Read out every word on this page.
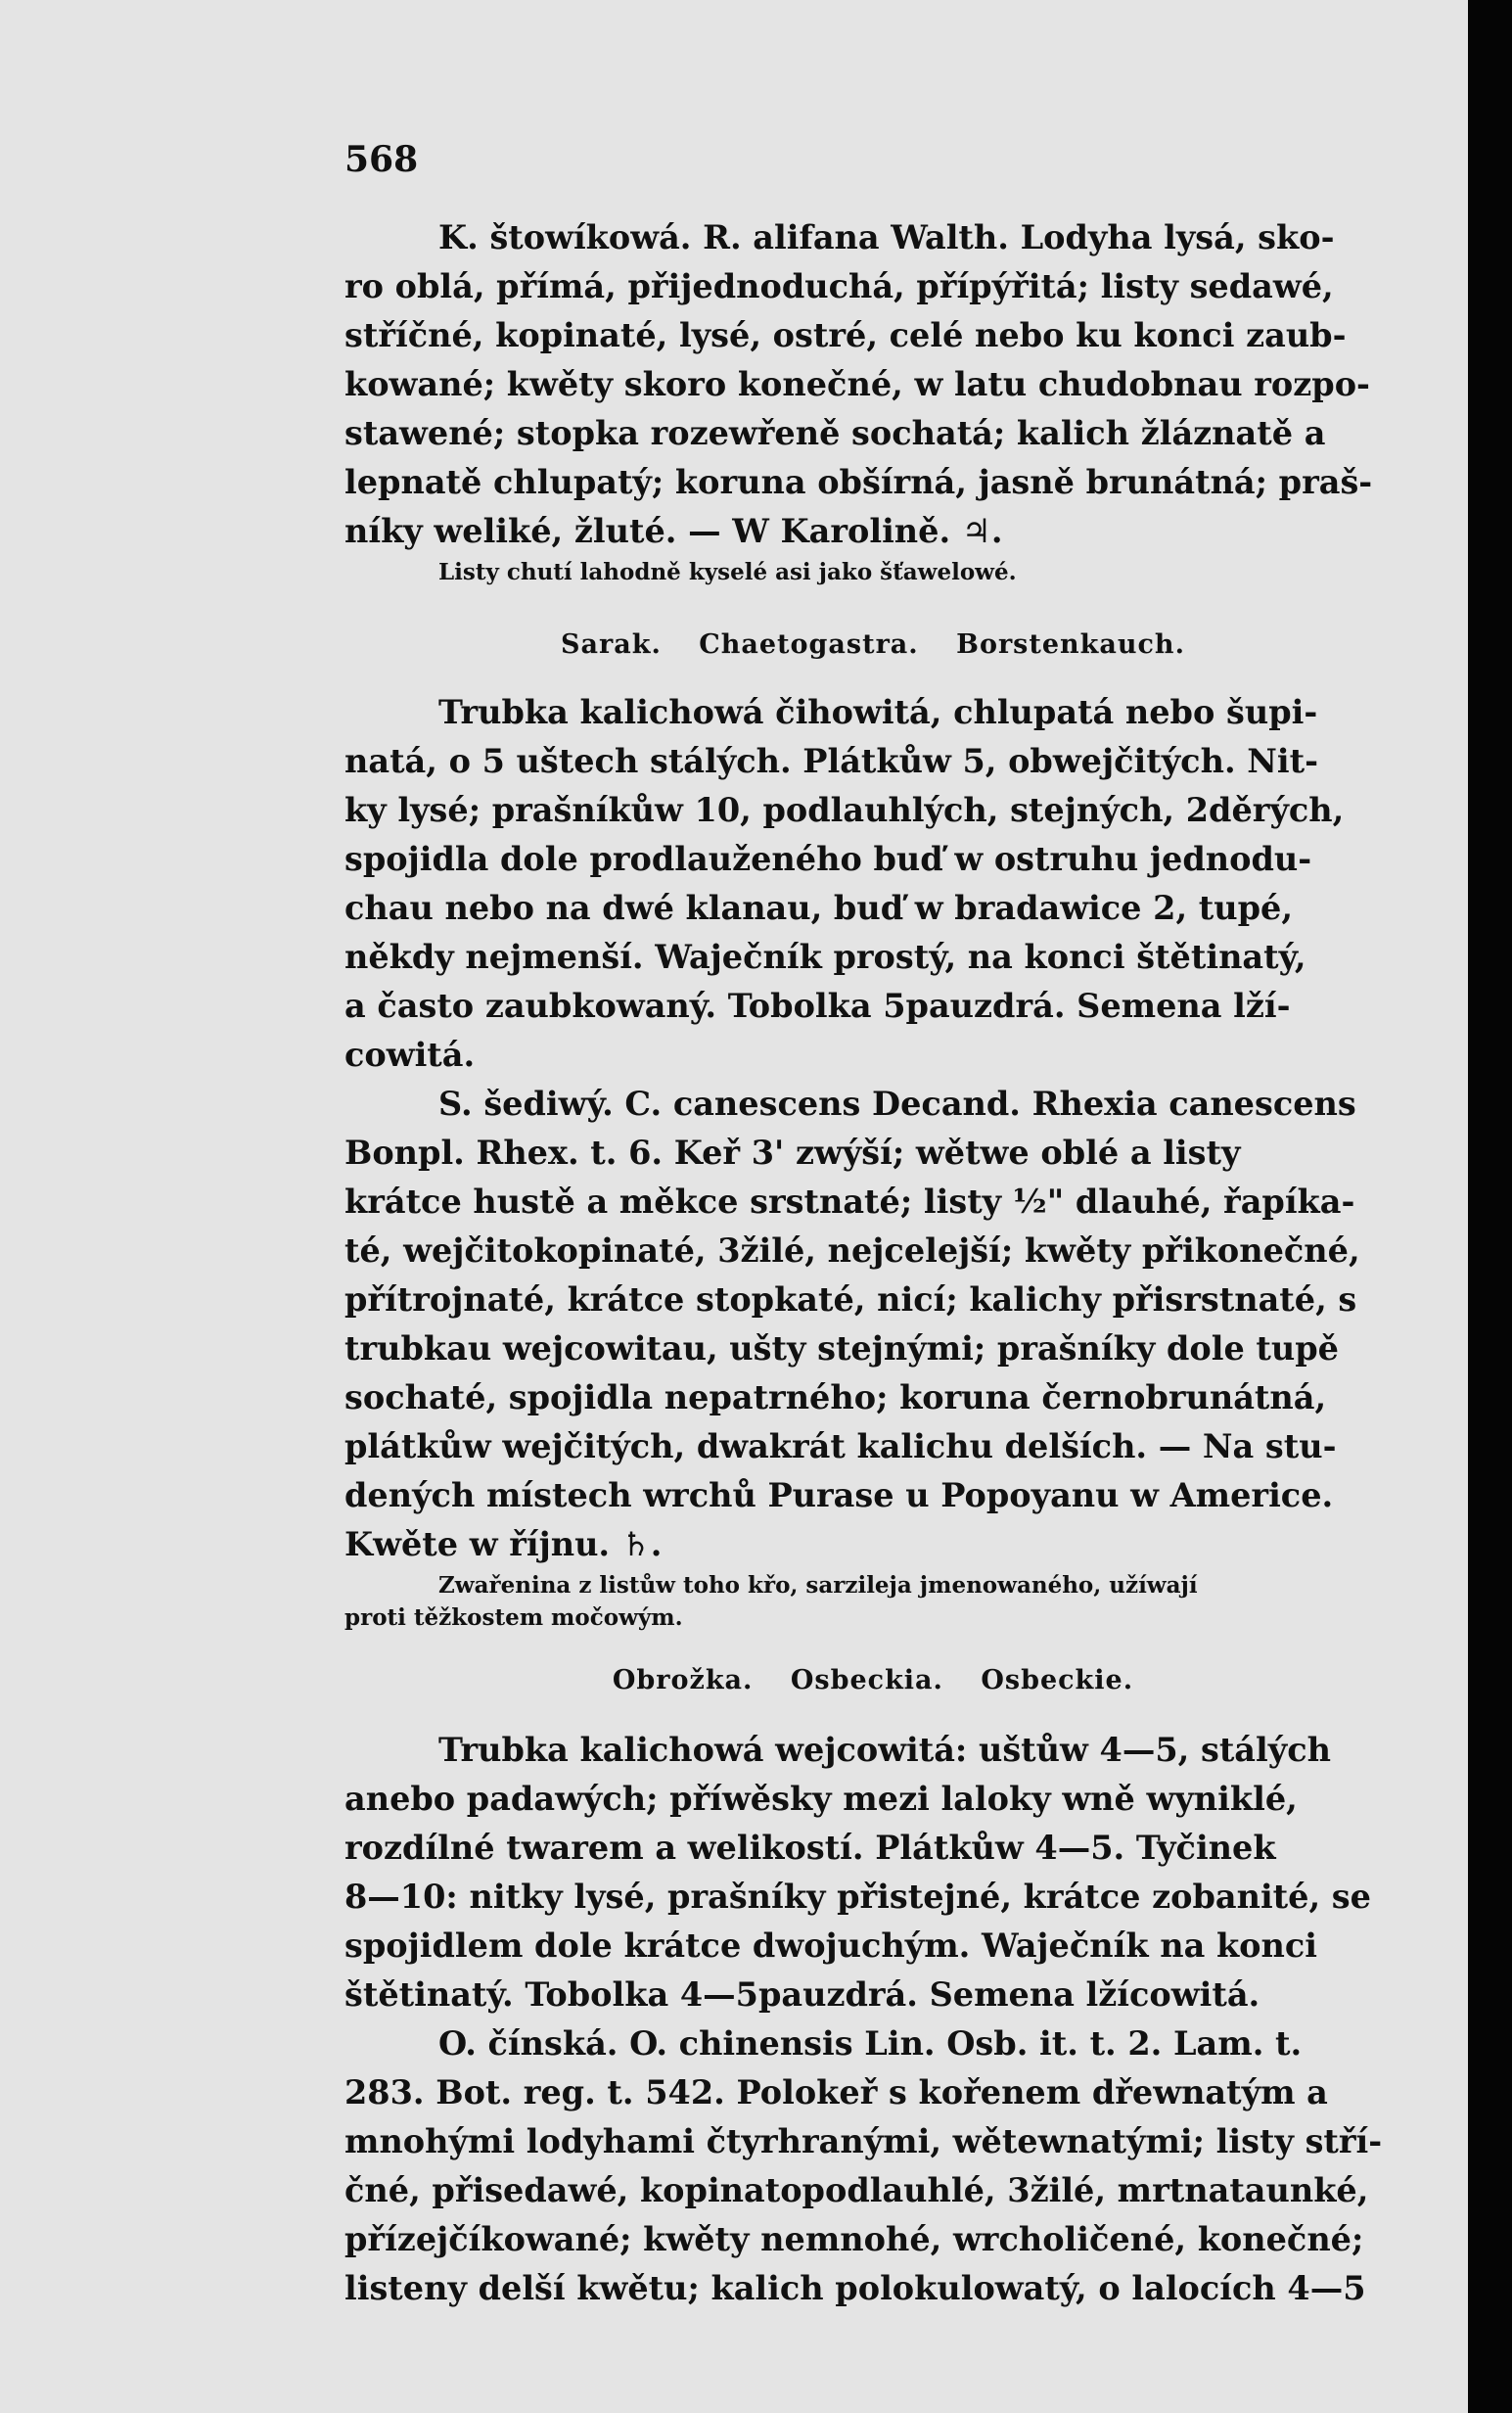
568
K. štowíkowá. R. alifana Walth. Lodyha lysá, sko-
ro oblá, přímá, přijednoduchá, přípýřitá; listy sedawé,
stříčné, kopinaté, lysé, ostré, celé nebo ku konci zaub-
kowané; kwěty skoro konečné, w latu chudobnau rozpo-
stawené; stopka rozewřeně sochatá; kalich žláznatě a
lepnatě chlupatý; koruna obšírná, jasně brunátná; praš-
níky weliké, žluté. — W Karolině. ♃.
Listy chutí lahodně kyselé asi jako šťawelowé.
Sarak. Chaetogastra. Borstenkauch.
Trubka kalichowá čihowitá, chlupatá nebo šupi-
natá, o 5 uštech stálých. Plátkůw 5, obwejčitých. Nit-
ky lysé; prašníkůw 10, podlauhlých, stejných, 2děrých,
spojidla dole prodlauženého buď w ostruhu jednodu-
chau nebo na dwé klanau, buď w bradawice 2, tupé,
někdy nejmenší. Waječník prostý, na konci štětinatý,
a často zaubkowaný. Tobolka 5pauzdrá. Semena lží-
cowitá.
S. šediwý. C. canescens Decand. Rhexia canescens
Bonpl. Rhex. t. 6. Keř 3' zwýší; wětwe oblé a listy
krátce hustě a měkce srstnaté; listy ½" dlauhé, řapíka-
té, wejčitokopinaté, 3žilé, nejcelejší; kwěty přikonečné,
přítrojnaté, krátce stopkaté, nicí; kalichy přisrstnaté, s
trubkau wejcowitau, ušty stejnými; prašníky dole tupě
sochaté, spojidla nepatrného; koruna černobrunátná,
plátkůw wejčitých, dwakrát kalichu delších. — Na stu-
dených místech wrchů Purase u Popoyanu w Americe.
Kwěte w říjnu. ♄.
Zwařenina z listůw toho křo, sarzileja jmenowaného, užíwají
proti těžkostem močowým.
Obrožka. Osbeckia. Osbeckie.
Trubka kalichowá wejcowitá: uštůw 4—5, stálých
anebo padawých; příwěsky mezi laloky wně wyniklé,
rozdílné twarem a welikostí. Plátkůw 4—5. Tyčinek
8—10: nitky lysé, prašníky přistejné, krátce zobanité, se
spojidlem dole krátce dwojuchým. Waječník na konci
štětinatý. Tobolka 4—5pauzdrá. Semena lžícowitá.
O. čínská. O. chinensis Lin. Osb. it. t. 2. Lam. t.
283. Bot. reg. t. 542. Polokeř s kořenem dřewnatým a
mnohými lodyhami čtyrhranými, wětewnatými; listy stří-
čné, přisedawé, kopinatopodlauhlé, 3žilé, mrtnataunké,
přízejčíkowané; kwěty nemnohé, wrcholičené, konečné;
listeny delší kwětu; kalich polokulowatý, o lalocích 4—5
